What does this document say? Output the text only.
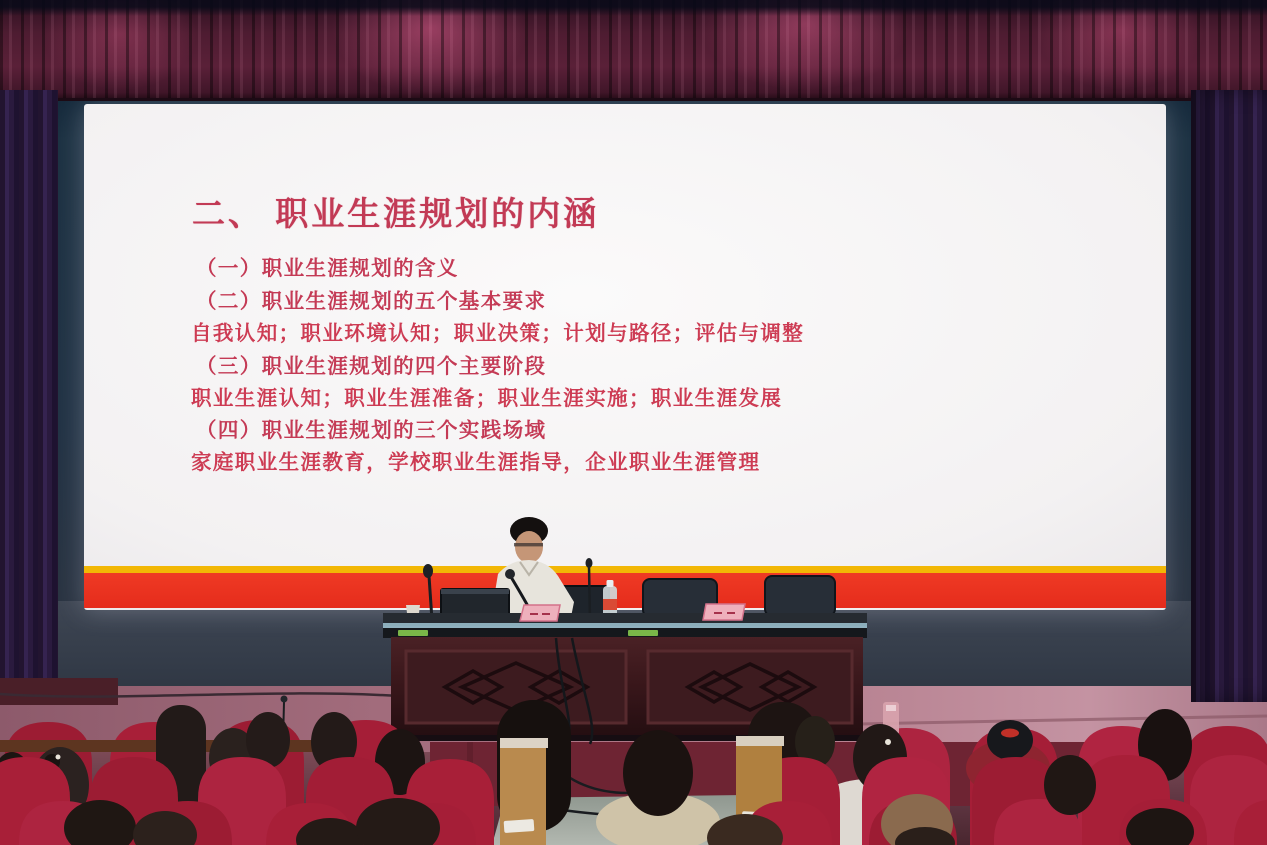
二、 职业生涯规划的内涵

（一）职业生涯规划的含义

（二）职业生涯规划的五个基本要求

自我认知；职业环境认知；职业决策；计划与路径；评估与调整

（三）职业生涯规划的四个主要阶段

职业生涯认知；职业生涯准备；职业生涯实施；职业生涯发展

（四）职业生涯规划的三个实践场域

家庭职业生涯教育，学校职业生涯指导，企业职业生涯管理
